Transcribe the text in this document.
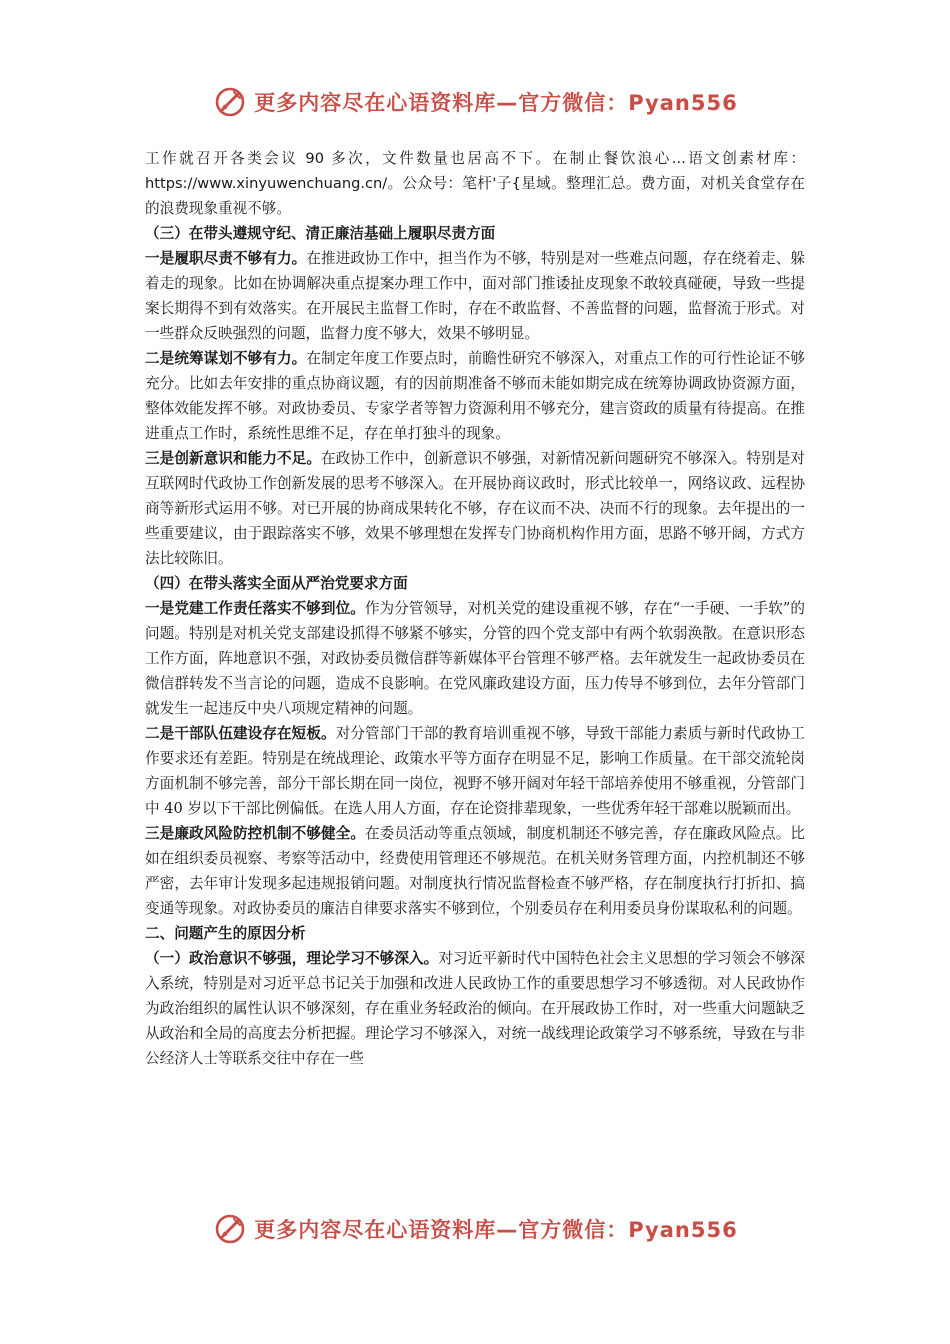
更多内容尽在心语资料库—官方微信：Pyan556

工作就召开各类会议 90 多次，文件数量也居高不下。在制止餐饮浪心...语文创素材库：https://www.xinyuwenchuang.cn/。公众号：笔杆'子{星域。整理汇总。费方面，对机关食堂存在的浪费现象重视不够。

（三）在带头遵规守纪、清正廉洁基础上履职尽责方面

一是履职尽责不够有力。在推进政协工作中，担当作为不够，特别是对一些难点问题，存在绕着走、躲着走的现象。比如在协调解决重点提案办理工作中，面对部门推诿扯皮现象不敢较真碰硬，导致一些提案长期得不到有效落实。在开展民主监督工作时，存在不敢监督、不善监督的问题，监督流于形式。对一些群众反映强烈的问题，监督力度不够大，效果不够明显。

二是统筹谋划不够有力。在制定年度工作要点时，前瞻性研究不够深入，对重点工作的可行性论证不够充分。比如去年安排的重点协商议题，有的因前期准备不够而未能如期完成在统筹协调政协资源方面，整体效能发挥不够。对政协委员、专家学者等智力资源利用不够充分，建言资政的质量有待提高。在推进重点工作时，系统性思维不足，存在单打独斗的现象。

三是创新意识和能力不足。在政协工作中，创新意识不够强，对新情况新问题研究不够深入。特别是对互联网时代政协工作创新发展的思考不够深入。在开展协商议政时，形式比较单一，网络议政、远程协商等新形式运用不够。对已开展的协商成果转化不够，存在议而不决、决而不行的现象。去年提出的一些重要建议，由于跟踪落实不够，效果不够理想在发挥专门协商机构作用方面，思路不够开阔，方式方法比较陈旧。

（四）在带头落实全面从严治党要求方面

一是党建工作责任落实不够到位。作为分管领导，对机关党的建设重视不够，存在“一手硬、一手软”的问题。特别是对机关党支部建设抓得不够紧不够实，分管的四个党支部中有两个软弱涣散。在意识形态工作方面，阵地意识不强，对政协委员微信群等新媒体平台管理不够严格。去年就发生一起政协委员在微信群转发不当言论的问题，造成不良影响。在党风廉政建设方面，压力传导不够到位，去年分管部门就发生一起违反中央八项规定精神的问题。

二是干部队伍建设存在短板。对分管部门干部的教育培训重视不够，导致干部能力素质与新时代政协工作要求还有差距。特别是在统战理论、政策水平等方面存在明显不足，影响工作质量。在干部交流轮岗方面机制不够完善，部分干部长期在同一岗位，视野不够开阔对年轻干部培养使用不够重视，分管部门中 40 岁以下干部比例偏低。在选人用人方面，存在论资排辈现象，一些优秀年轻干部难以脱颖而出。

三是廉政风险防控机制不够健全。在委员活动等重点领域，制度机制还不够完善，存在廉政风险点。比如在组织委员视察、考察等活动中，经费使用管理还不够规范。在机关财务管理方面，内控机制还不够严密，去年审计发现多起违规报销问题。对制度执行情况监督检查不够严格，存在制度执行打折扣、搞变通等现象。对政协委员的廉洁自律要求落实不够到位，个别委员存在利用委员身份谋取私利的问题。

二、问题产生的原因分析

（一）政治意识不够强，理论学习不够深入。对习近平新时代中国特色社会主义思想的学习领会不够深入系统，特别是对习近平总书记关于加强和改进人民政协工作的重要思想学习不够透彻。对人民政协作为政治组织的属性认识不够深刻，存在重业务轻政治的倾向。在开展政协工作时，对一些重大问题缺乏从政治和全局的高度去分析把握。理论学习不够深入，对统一战线理论政策学习不够系统，导致在与非公经济人士等联系交往中存在一些

更多内容尽在心语资料库—官方微信：Pyan556
